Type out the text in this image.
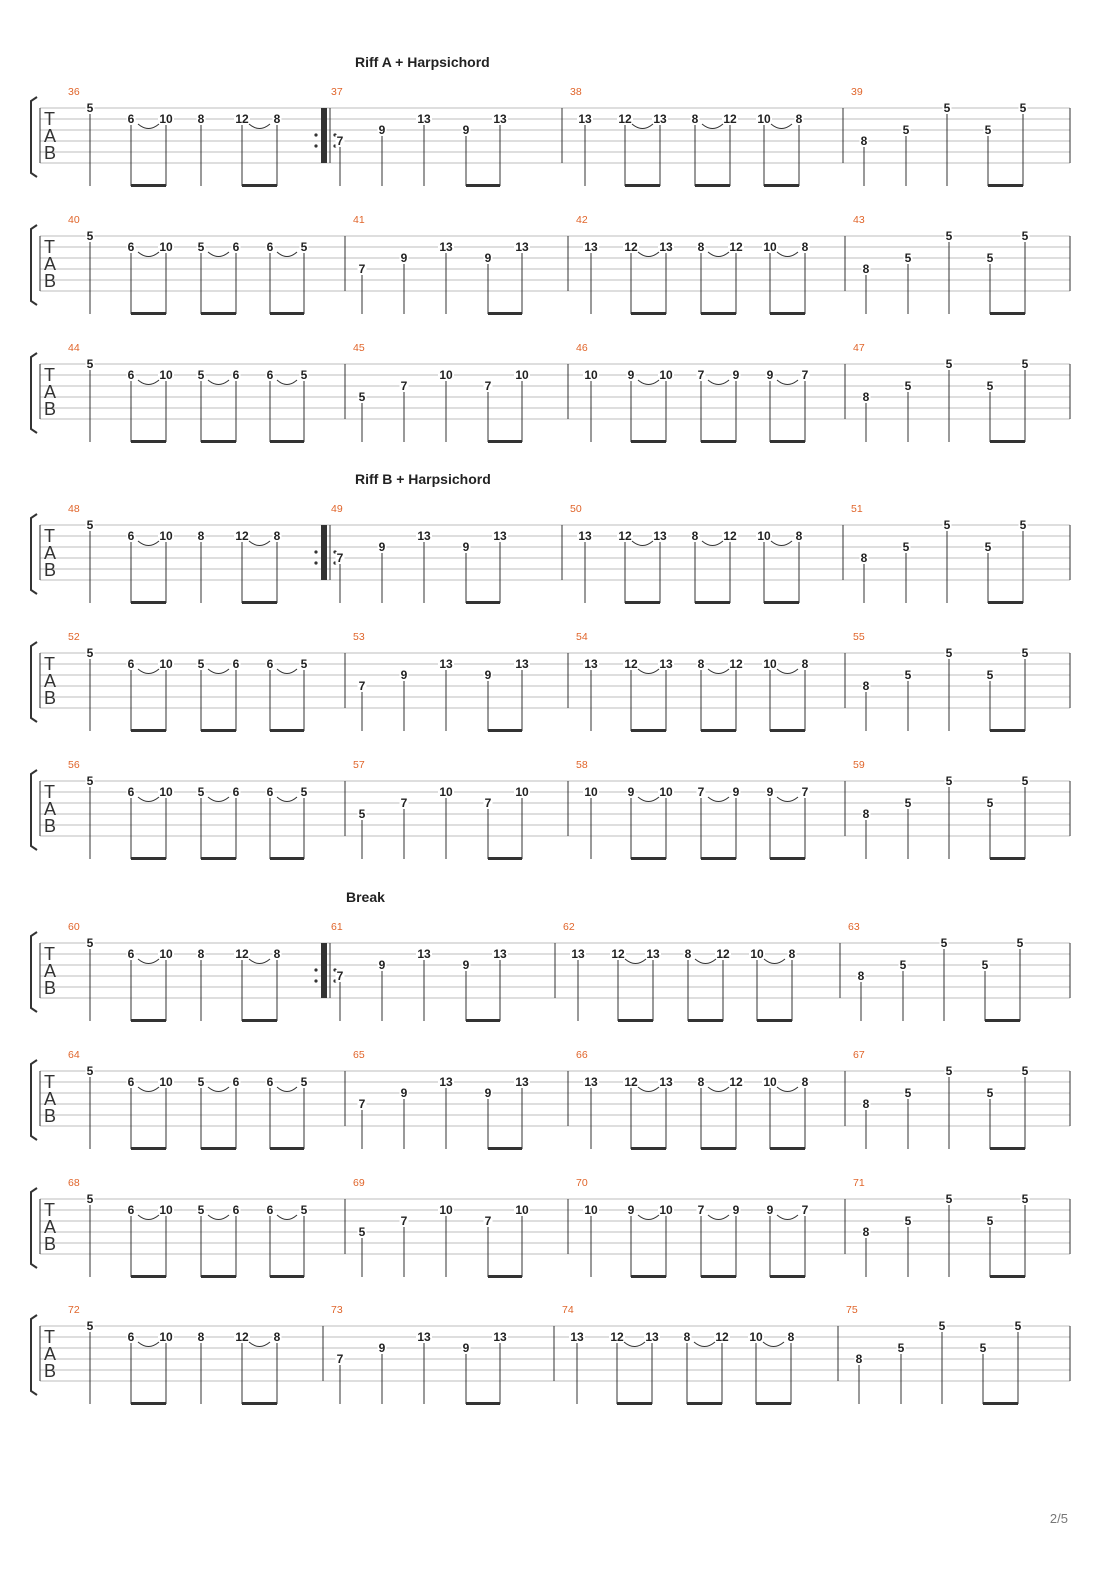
Riff A + Harpsichord
Riff B + Harpsichord
Break
T
A
B
36
5
6 10 8	12 8
37
7
9
13
9
13
38
13 12 13 8 12 10 8
39
8
5
5
5
5
T
A
B
40
5
6 10 5 6 6 5
41
7
9
13
9
13
42
13 12 13 8 12 10 8
43
8
5
5
5
5
T
A
B
44
5
6 10 5 6 6 5
45
5
7
10
7
10
46
10 9 10 7 9 9 7
47
8
5
5
5
5
T
A
B
48
5
6 10 8	12 8
49
7
9
13
9
13
50
13 12 13 8 12 10 8
51
8
5
5
5
5
T
A
B
52
5
6 10 5 6 6 5
53
7
9
13
9
13
54
13 12 13 8 12 10 8
55
8
5
5
5
5
T
A
B
56
5
6 10 5 6 6 5
57
5
7
10
7
10
58
10 9 10 7 9 9 7
59
8
5
5
5
5
T
A
B
60
5
6 10 8	12 8
61
7
9
13
9
13
62
13 12 13 8 12 10 8
63
8
5
5
5
5
T
A
B
64
5
6 10 5 6 6 5
65
7
9
13
9
13
66
13 12 13 8 12 10 8
67
8
5
5
5
5
T
A
B
68
5
6 10 5 6 6 5
69
5
7
10
7
10
70
10 9 10 7 9 9 7
71
8
5
5
5
5
T
A
B
72
5
6 10 8	12 8
73
7
9
13
9
13
74
13 12 13 8 12 10 8
75
8
5
5
5
5
2/5
